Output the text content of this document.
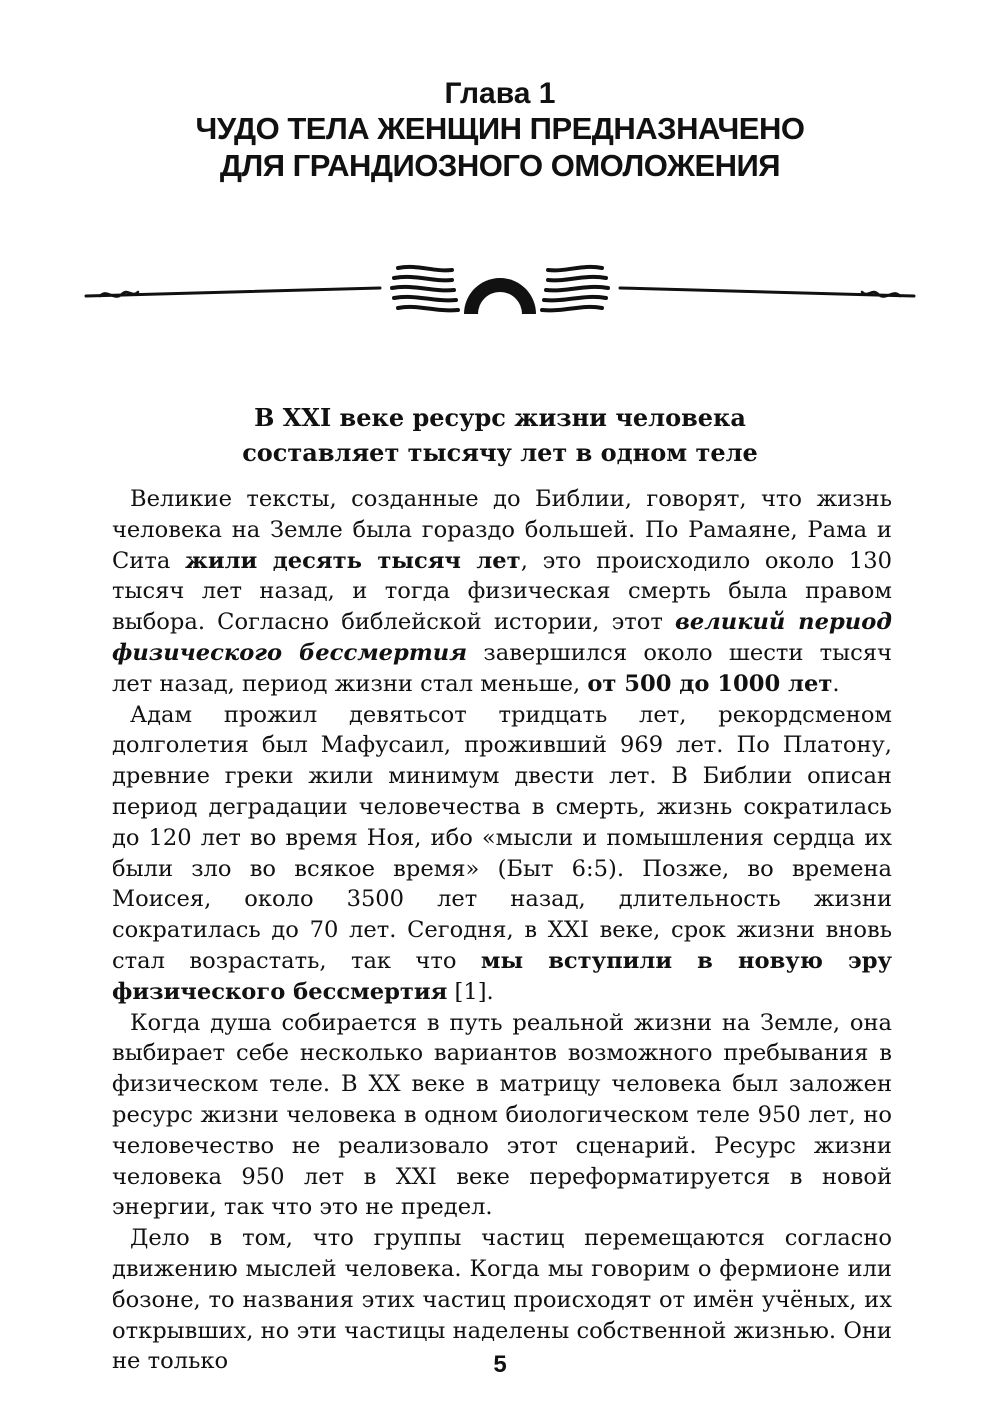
Глава 1
ЧУДО ТЕЛА ЖЕНЩИН ПРЕДНАЗНАЧЕНО
ДЛЯ ГРАНДИОЗНОГО ОМОЛОЖЕНИЯ
В XXI веке ресурс жизни человека
составляет тысячу лет в одном теле

Великие тексты, созданные до Библии, говорят, что жизнь человека на Земле была гораздо большей. По Рамаяне, Рама и Сита жили десять тысяч лет, это происходило около 130 тысяч лет назад, и тогда физическая смерть была правом выбора. Согласно библейской истории, этот великий период физического бессмертия завершился около шести тысяч лет назад, период жизни стал меньше, от 500 до 1000 лет.

Адам прожил девятьсот тридцать лет, рекордсменом долголетия был Мафусаил, проживший 969 лет. По Платону, древние греки жили минимум двести лет. В Библии описан период деградации человечества в смерть, жизнь сократилась до 120 лет во время Ноя, ибо «мысли и помышления сердца их были зло во всякое время» (Быт 6:5). Позже, во времена Моисея, около 3500 лет назад, длительность жизни сократилась до 70 лет. Сегодня, в XXI веке, срок жизни вновь стал возрастать, так что мы вступили в новую эру физического бессмертия [1].

Когда душа собирается в путь реальной жизни на Земле, она выбирает себе несколько вариантов возможного пребывания в физическом теле. В XX веке в матрицу человека был заложен ресурс жизни человека в одном биологическом теле 950 лет, но человечество не реализовало этот сценарий. Ресурс жизни человека 950 лет в XXI веке переформатируется в новой энергии, так что это не предел.

Дело в том, что группы частиц перемещаются согласно движению мыслей человека. Когда мы говорим о фермионе или бозоне, то названия этих частиц происходят от имён учёных, их открывших, но эти частицы наделены собственной жизнью. Они не только	5
